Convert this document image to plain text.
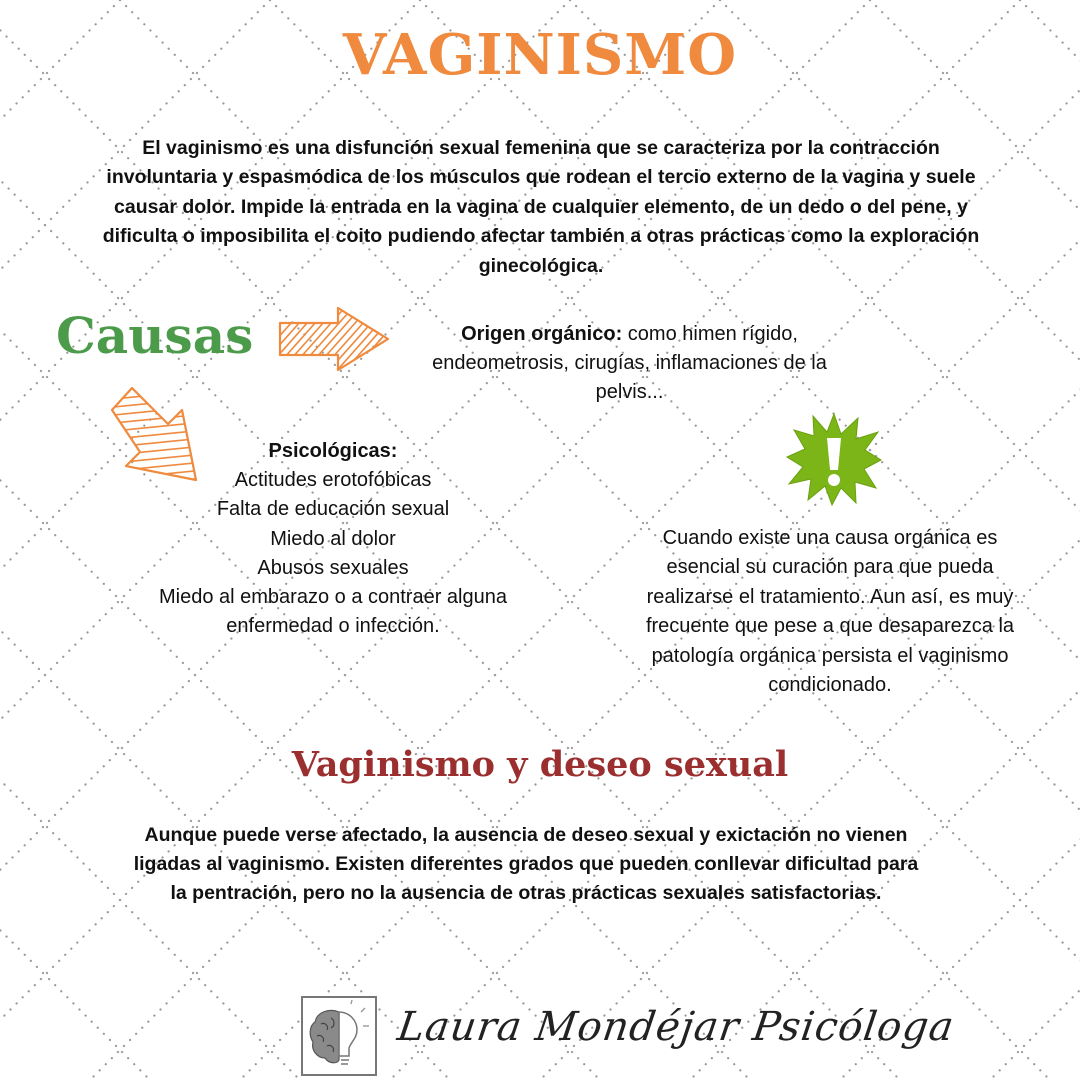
VAGINISMO
El vaginismo es una disfunción sexual femenina que se caracteriza por la contracción involuntaria y espasmódica de los músculos que rodean el tercio externo de la vagina y suele causar dolor. Impide la entrada en la vagina de cualquier elemento, de un dedo o del pene, y dificulta o imposibilita el coito pudiendo afectar también a otras prácticas como la exploración ginecológica.
Causas	Origen orgánico: como himen rígido, endeometrosis, cirugías, inflamaciones de la pelvis...
Psicológicas:
Actitudes erotofóbicas
Falta de educación sexual
Miedo al dolor
Abusos sexuales
Miedo al embarazo o a contraer alguna enfermedad o infección.
Cuando existe una causa orgánica es esencial su curación para que pueda realizarse el tratamiento. Aun así, es muy frecuente que pese a que desaparezca la patología orgánica persista el vaginismo condicionado.
Vaginismo y deseo sexual
Aunque puede verse afectado, la ausencia de deseo sexual y exictación no vienen ligadas al vaginismo. Existen diferentes grados que pueden conllevar dificultad para la pentración, pero no la ausencia de otras prácticas sexuales satisfactorias.
Laura Mondéjar Psicóloga
